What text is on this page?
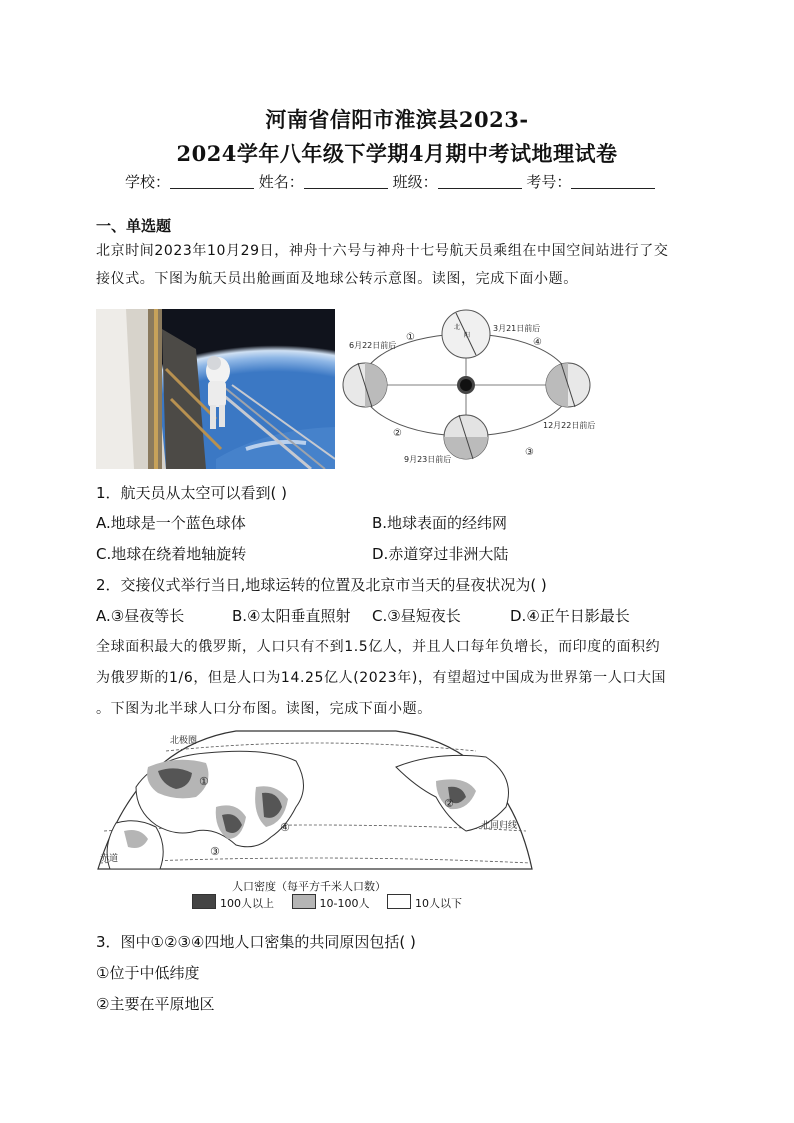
河南省信阳市淮滨县2023-
2024学年八年级下学期4月期中考试地理试卷
学校：	姓名：	班级：	考号：
一、单选题
北京时间2023年10月29日，神舟十六号与神舟十七号航天员乘组在中国空间站进行了交
接仪式。下图为航天员出舱画面及地球公转示意图。读图，完成下面小题。
北
阳
6月22日前后
3月21日前后
12月22日前后
9月23日前后
①	④
②
③
1．航天员从太空可以看到( )
A.地球是一个蓝色球体	B.地球表面的经纬网
C.地球在绕着地轴旋转	D.赤道穿过非洲大陆
2．交接仪式举行当日,地球运转的位置及北京市当天的昼夜状况为( )
A.③昼夜等长	B.④太阳垂直照射 C.③昼短夜长	D.④正午日影最长
全球面积最大的俄罗斯，人口只有不到1.5亿人，并且人口每年负增长，而印度的面积约
为俄罗斯的1/6，但是人口为14.25亿人(2023年)，有望超过中国成为世界第一人口大国
。下图为北半球人口分布图。读图，完成下面小题。
北极圈
北回归线
赤道
①
②
③
④
人口密度（每平方千米人口数）
100人以上	10-100人	10人以下
3．图中①②③④四地人口密集的共同原因包括( )
①位于中低纬度
②主要在平原地区
